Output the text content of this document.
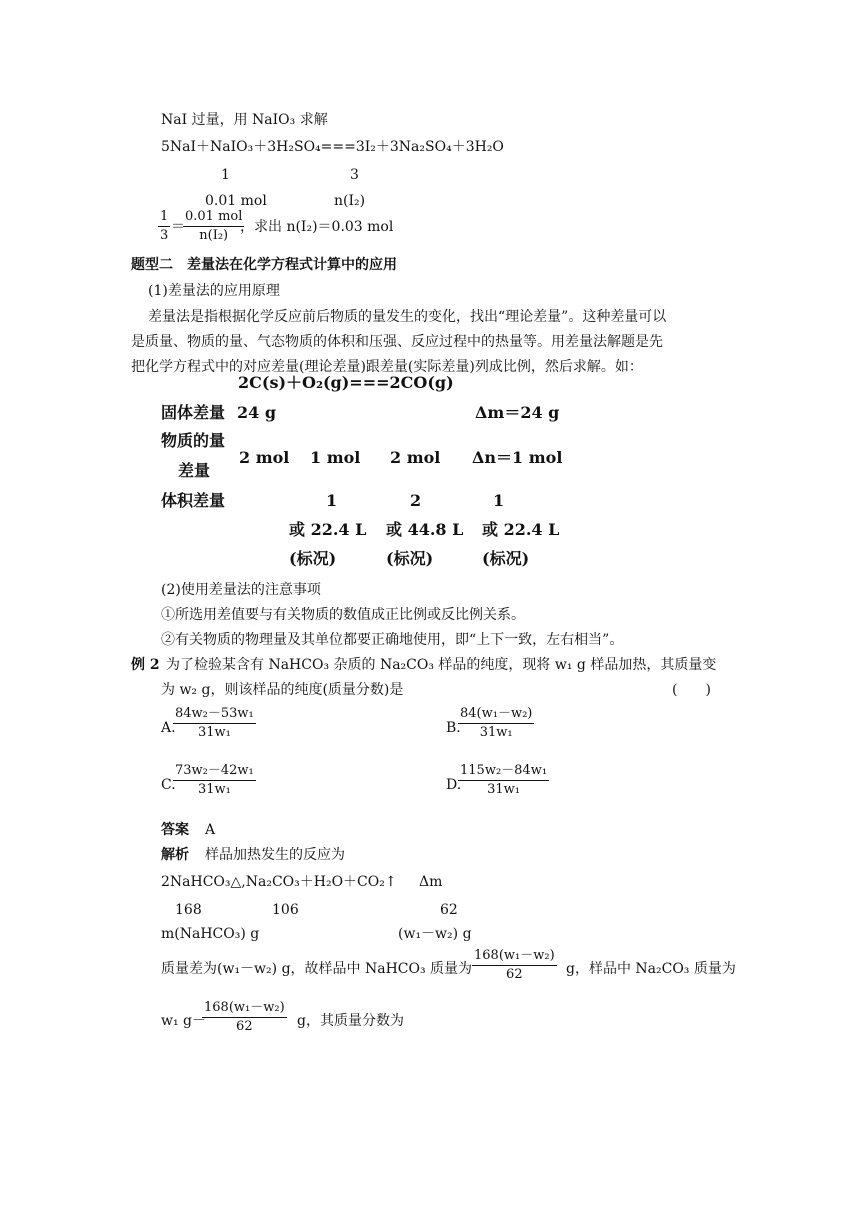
NaI 过量，用 NaIO₃ 求解
5NaI＋NaIO₃＋3H₂SO₄===3I₂＋3Na₂SO₄＋3H₂O
1	3
0.01 mol	n(I₂)
$\frac{1}{3}$ ＝
0.01 mol
n(I₂)
，求出 n(I₂)＝0.03 mol
题型二　差量法在化学方程式计算中的应用
(1)差量法的应用原理
差量法是指根据化学反应前后物质的量发生的变化，找出“理论差量”。这种差量可以
是质量、物质的量、气态物质的体积和压强、反应过程中的热量等。用差量法解题是先
把化学方程式中的对应差量(理论差量)跟差量(实际差量)列成比例，然后求解。如：
2C(s)＋O₂(g)===2CO(g)
固体差量 24 g	Δm＝24 g
物质的量
差量
2 mol 1 mol 2 mol Δn＝1 mol
体积差量	1	2	1
或 22.4 L 或 44.8 L 或 22.4 L
(标况)	(标况)	(标况)
(2)使用差量法的注意事项
①所选用差值要与有关物质的数值成正比例或反比例关系。
②有关物质的物理量及其单位都要正确地使用，即“上下一致，左右相当”。
例 2 为了检验某含有 NaHCO₃ 杂质的 Na₂CO₃ 样品的纯度，现将 w₁ g 样品加热，其质量变
为 w₂ g，则该样品的纯度(质量分数)是	(　　)
A.
$\frac{\text{84w₂－53w₁}}{\text{31w₁}}$	B.
$\frac{\text{84(w₁－w₂)}}{\text{31w₁}}$
C.
$\frac{\text{73w₂－42w₁}}{\text{31w₁}}$	D.
$\frac{\text{115w₂－84w₁}}{\text{31w₁}}$
答案 A
解析 样品加热发生的反应为
2NaHCO₃△,Na₂CO₃＋H₂O＋CO₂↑ Δm
168	106	62
m(NaHCO₃) g	(w₁－w₂) g
质量差为(w₁－w₂) g，故样品中 NaHCO₃ 质量为 $\frac{\text{168(w₁－w₂)}}{62}$ g，样品中 Na₂CO₃ 质量为
w₁ g－
$\frac{\text{168(w₁－w₂)}}{62}$ g，其质量分数为
